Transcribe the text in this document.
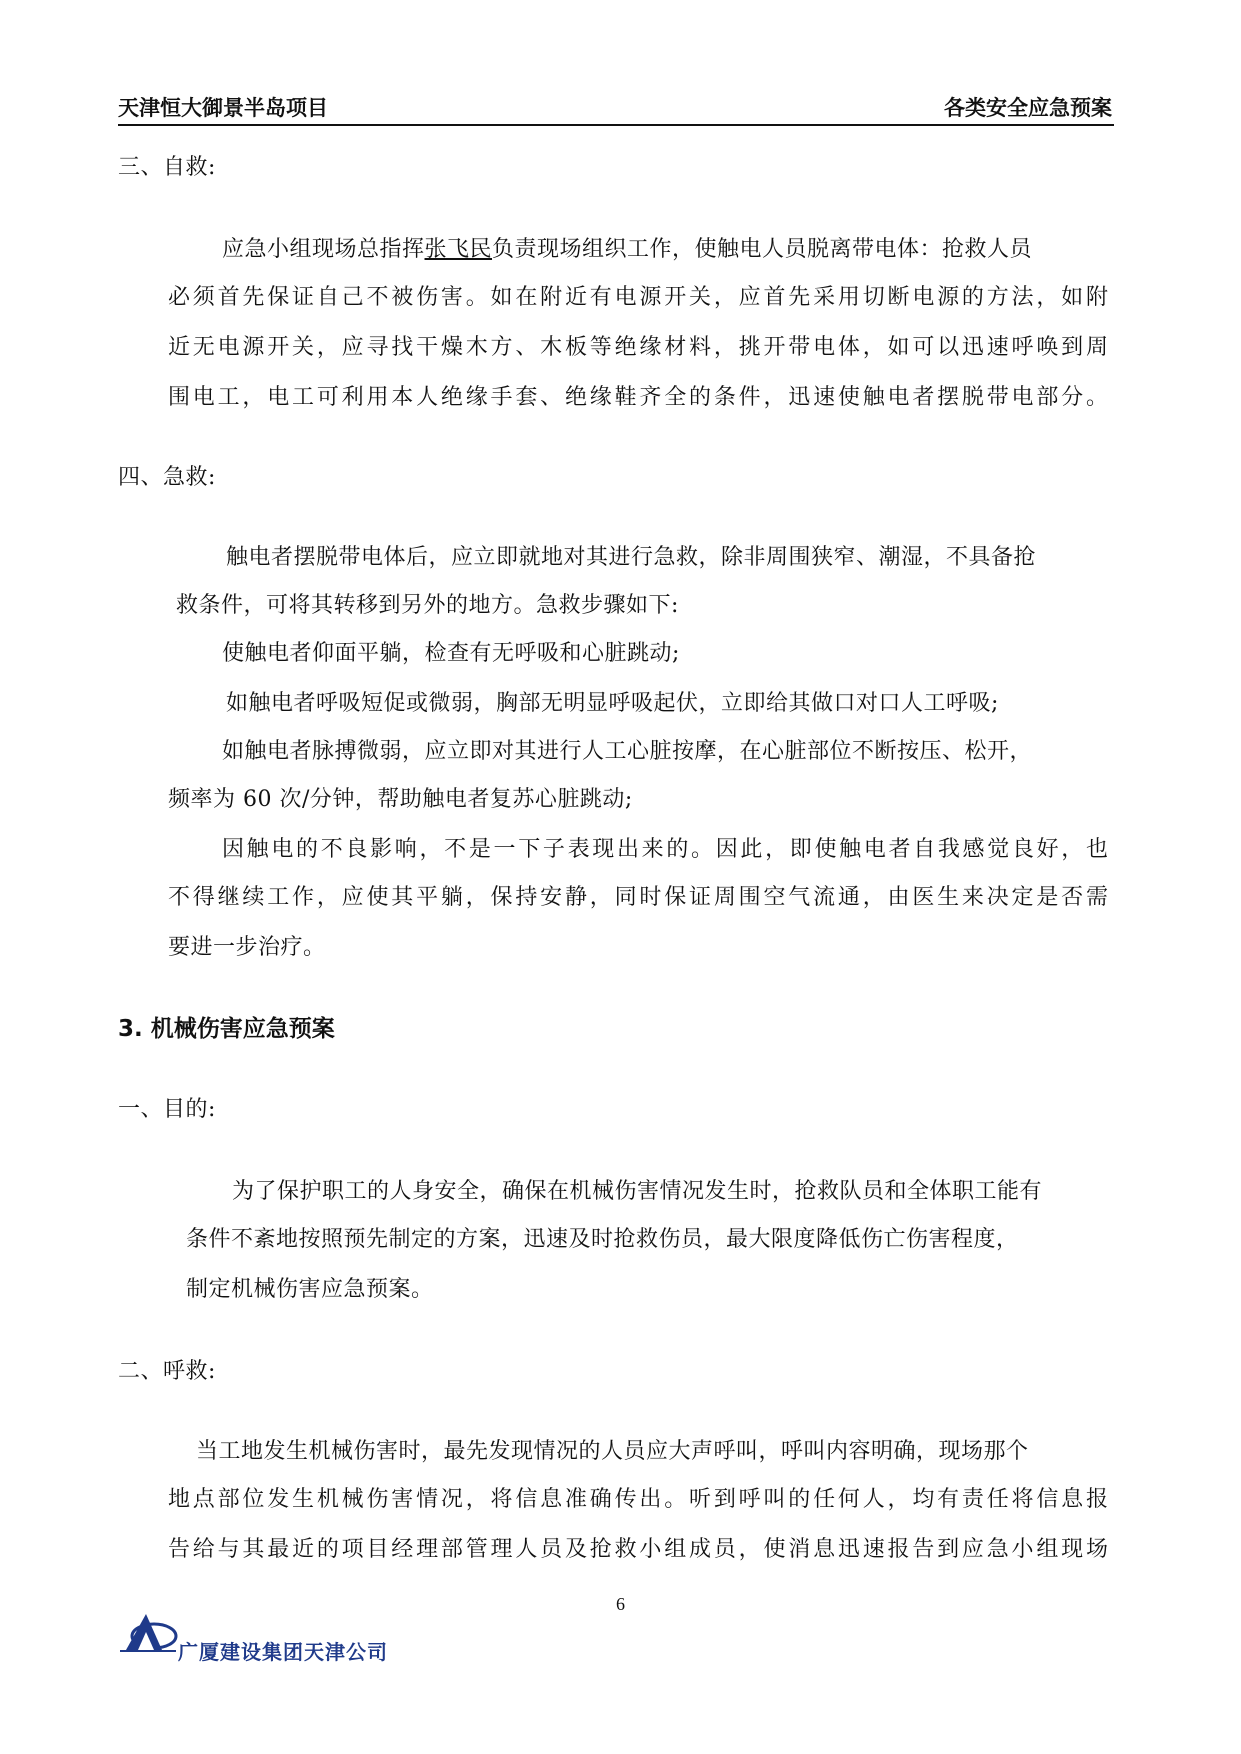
天津恒大御景半岛项目	各类安全应急预案
三、自救:
应急小组现场总指挥张飞民负责现场组织工作，使触电人员脱离带电体：抢救人员
必须首先保证自己不被伤害。如在附近有电源开关，应首先采用切断电源的方法，如附
近无电源开关，应寻找干燥木方、木板等绝缘材料，挑开带电体，如可以迅速呼唤到周
围电工，电工可利用本人绝缘手套、绝缘鞋齐全的条件，迅速使触电者摆脱带电部分。
四、急救:
触电者摆脱带电体后，应立即就地对其进行急救，除非周围狭窄、潮湿，不具备抢
救条件，可将其转移到另外的地方。急救步骤如下:
使触电者仰面平躺，检查有无呼吸和心脏跳动;
如触电者呼吸短促或微弱，胸部无明显呼吸起伏，立即给其做口对口人工呼吸;
如触电者脉搏微弱，应立即对其进行人工心脏按摩，在心脏部位不断按压、松开，
频率为 60 次/分钟，帮助触电者复苏心脏跳动;
因触电的不良影响，不是一下子表现出来的。因此，即使触电者自我感觉良好，也
不得继续工作，应使其平躺，保持安静，同时保证周围空气流通，由医生来决定是否需
要进一步治疗。
3. 机械伤害应急预案
一、目的:
为了保护职工的人身安全，确保在机械伤害情况发生时，抢救队员和全体职工能有
条件不紊地按照预先制定的方案，迅速及时抢救伤员，最大限度降低伤亡伤害程度，
制定机械伤害应急预案。
二、呼救:
当工地发生机械伤害时，最先发现情况的人员应大声呼叫，呼叫内容明确，现场那个
地点部位发生机械伤害情况，将信息准确传出。听到呼叫的任何人，均有责任将信息报
告给与其最近的项目经理部管理人员及抢救小组成员，使消息迅速报告到应急小组现场
6
广厦建设集团天津公司
